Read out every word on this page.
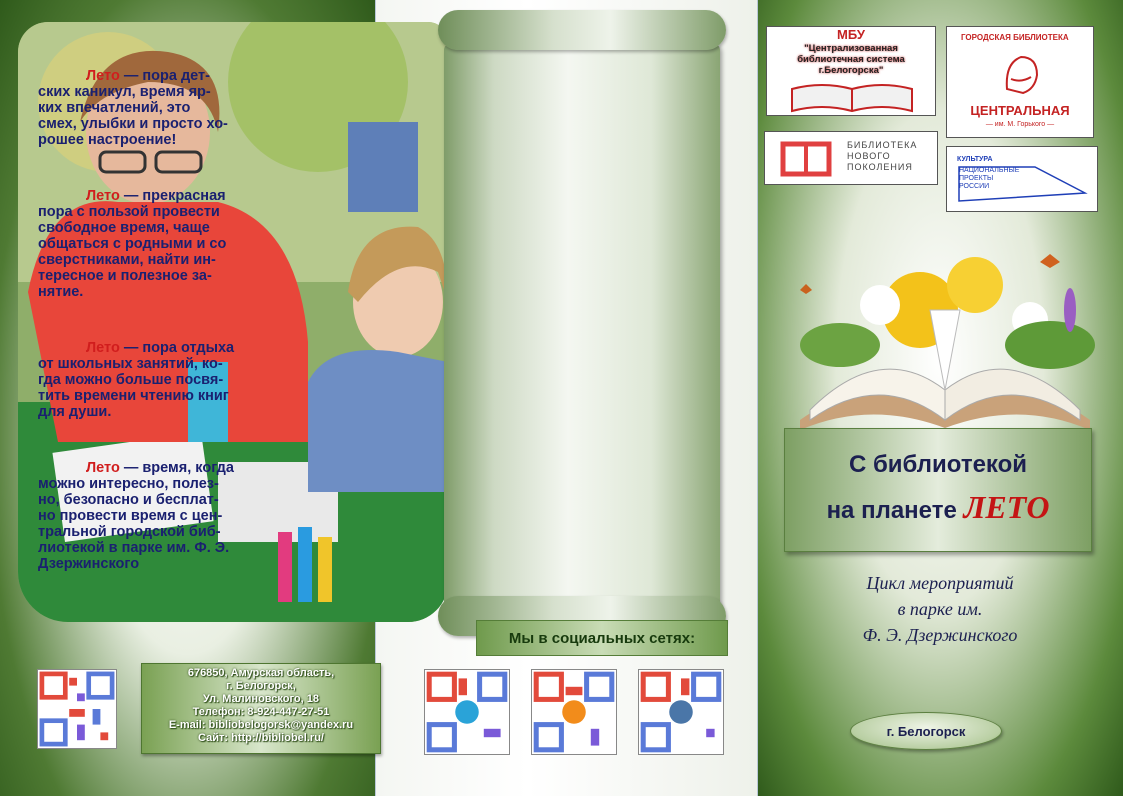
Лето — пора дет-
ских каникул, время яр-
ких впечатлений, это
смех, улыбки и просто хо-
рошее настроение!
Лето — прекрасная
пора с пользой провести
свободное время, чаще
общаться с родными и со
сверстниками, найти ин-
тересное и полезное за-
нятие.
Лето — пора отдыха
от школьных занятий, ко-
гда можно больше посвя-
тить времени чтению книг
для души.
Лето — время, когда
можно интересно, полез-
но, безопасно и бесплат-
но провести время с цен-
тральной городской биб-
лиотекой в парке им. Ф. Э.
Дзержинского
Мы в социальных сетях:
676850, Амурская область,
г. Белогорск,
Ул. Малиновского, 18
Телефон: 8-924-447-27-51
E-mail: bibliobelogorsk@yandex.ru
Сайт: http://bibliobel.ru/
МБУ
"Централизованная библиотечная система г.Белогорска"
ГОРОДСКАЯ БИБЛИОТЕКА
ЦЕНТРАЛЬНАЯ
— им. М. Горького —
БИБЛИОТЕКА НОВОГО ПОКОЛЕНИЯ
КУЛЬТУРА
НАЦИОНАЛЬНЫЕ ПРОЕКТЫ РОССИИ
С библиотекой
на планете ЛЕТО
Цикл мероприятий
в парке им.
Ф. Э. Дзержинского
г. Белогорск
